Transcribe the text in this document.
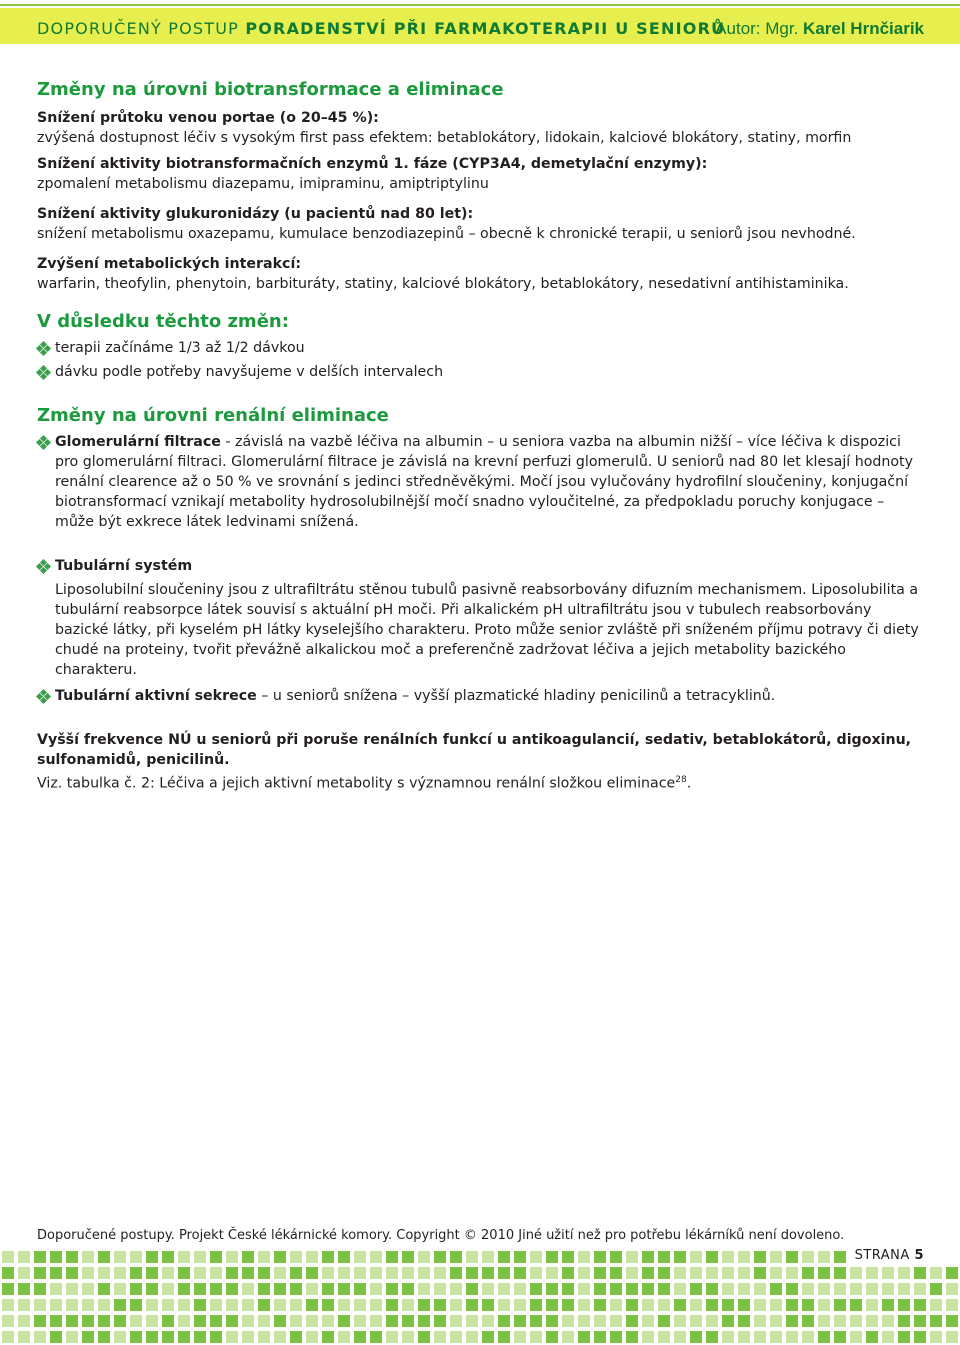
DOPORUČENÝ POSTUP PORADENSTVÍ PŘI FARMAKOTERAPII U SENIORŮ
Autor: Mgr. Karel Hrnčiarik
Změny na úrovni biotransformace a eliminace

Snížení průtoku venou portae (o 20–45 %):

zvýšená dostupnost léčiv s vysokým first pass efektem: betablokátory, lidokain, kalciové blokátory, statiny, morfin

Snížení aktivity biotransformačních enzymů 1. fáze (CYP3A4, demetylační enzymy):

zpomalení metabolismu diazepamu, imipraminu, amiptriptylinu

Snížení aktivity glukuronidázy (u pacientů nad 80 let):

snížení metabolismu oxazepamu, kumulace benzodiazepinů – obecně k chronické terapii, u seniorů jsou nevhodné.

Zvýšení metabolických interakcí:

warfarin, theofylin, phenytoin, barbituráty, statiny, kalciové blokátory, betablokátory, nesedativní antihistaminika.

V důsledku těchto změn:
terapii začínáme 1/3 až 1/2 dávkou
dávku podle potřeby navyšujeme v delších intervalech
Změny na úrovni renální eliminace
Glomerulární filtrace - závislá na vazbě léčiva na albumin – u seniora vazba na albumin nižší – více léčiva k dispozici pro glomerulární filtraci. Glomerulární filtrace je závislá na krevní perfuzi glomerulů. U seniorů nad 80 let klesají hodnoty renální clearence až o 50 % ve srovnání s jedinci středněvěkými. Močí jsou vylučovány hydrofilní sloučeniny, konjugační biotransformací vznikají metabolity hydrosolubilnější močí snadno vyloučitelné, za předpokladu poruchy konjugace – může být exkrece látek ledvinami snížená.
Tubulární systém

Liposolubilní sloučeniny jsou z ultrafiltrátu stěnou tubulů pasivně reabsorbovány difuzním mechanismem. Liposolubilita a tubulární reabsorpce látek souvisí s aktuální pH moči. Při alkalickém pH ultrafiltrátu jsou v tubulech reabsorbovány bazické látky, při kyselém pH látky kyselejšího charakteru. Proto může senior zvláště při sníženém příjmu potravy či diety chudé na proteiny, tvořit převážně alkalickou moč a preferenčně zadržovat léčiva a jejich metabolity bazického charakteru.

Tubulární aktivní sekrece – u seniorů snížena – vyšší plazmatické hladiny penicilinů a tetracyklinů.

Vyšší frekvence NÚ u seniorů při poruše renálních funkcí u antikoagulancií, sedativ, betablokátorů, digoxinu, sulfonamidů, penicilinů.

Viz. tabulka č. 2: Léčiva a jejich aktivní metabolity s významnou renální složkou eliminace$^{28}$.

Doporučené postupy. Projekt České lékárnické komory. Copyright © 2010 Jiné užití než pro potřebu lékárníků není dovoleno.
STRANA 5
